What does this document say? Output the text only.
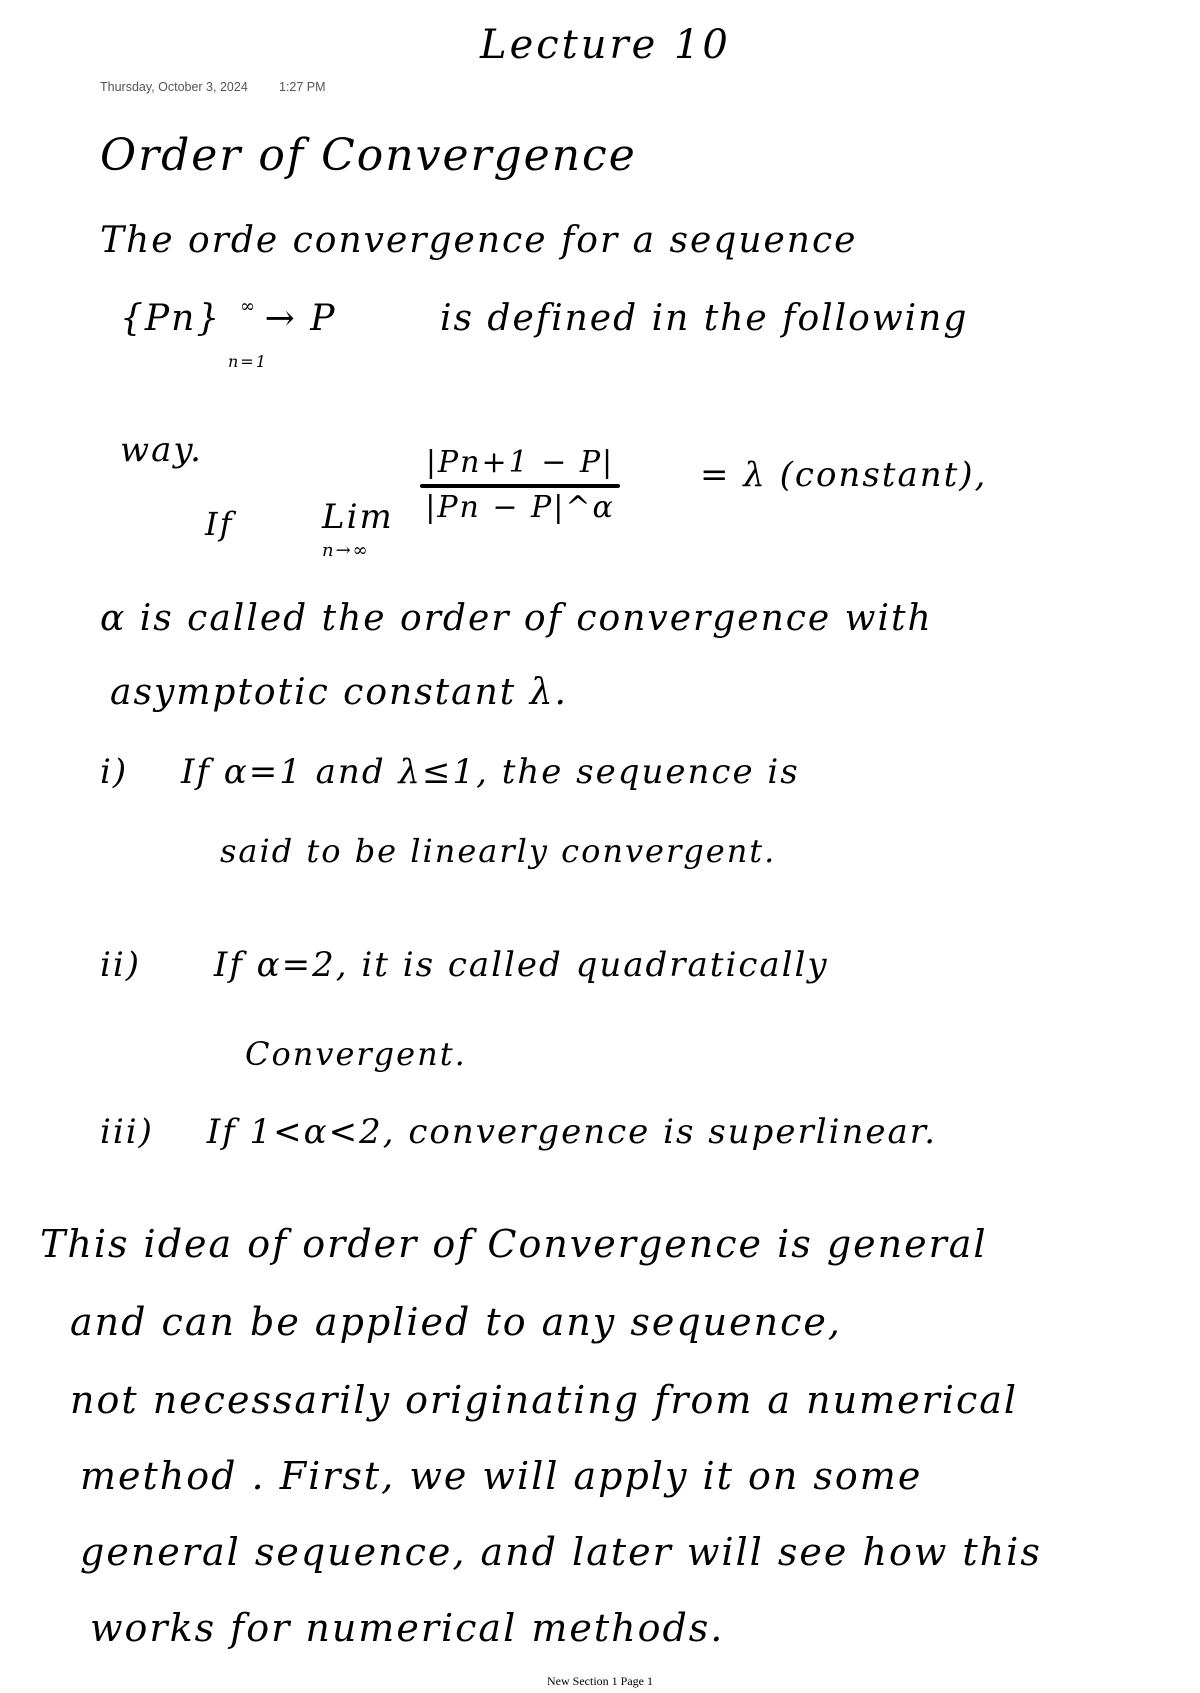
Lecture 10
Thursday, October 3, 2024 1:27 PM
Order of Convergence
The orde convergence for a sequence
{Pn} → P
∞
n=1
is defined in the following
way.
If	Lim
n→∞
|Pn+1 − P|
|Pn − P|^α
= λ (constant),
α is called the order of convergence with
asymptotic constant λ.
i) If α=1 and λ≤1, the sequence is
said to be linearly convergent.
ii) If α=2, it is called quadratically
Convergent.
iii) If 1<α<2, convergence is superlinear.
This idea of order of Convergence is general
and can be applied to any sequence,
not necessarily originating from a numerical
method . First, we will apply it on some
general sequence, and later will see how this
works for numerical methods.
New Section 1 Page 1
